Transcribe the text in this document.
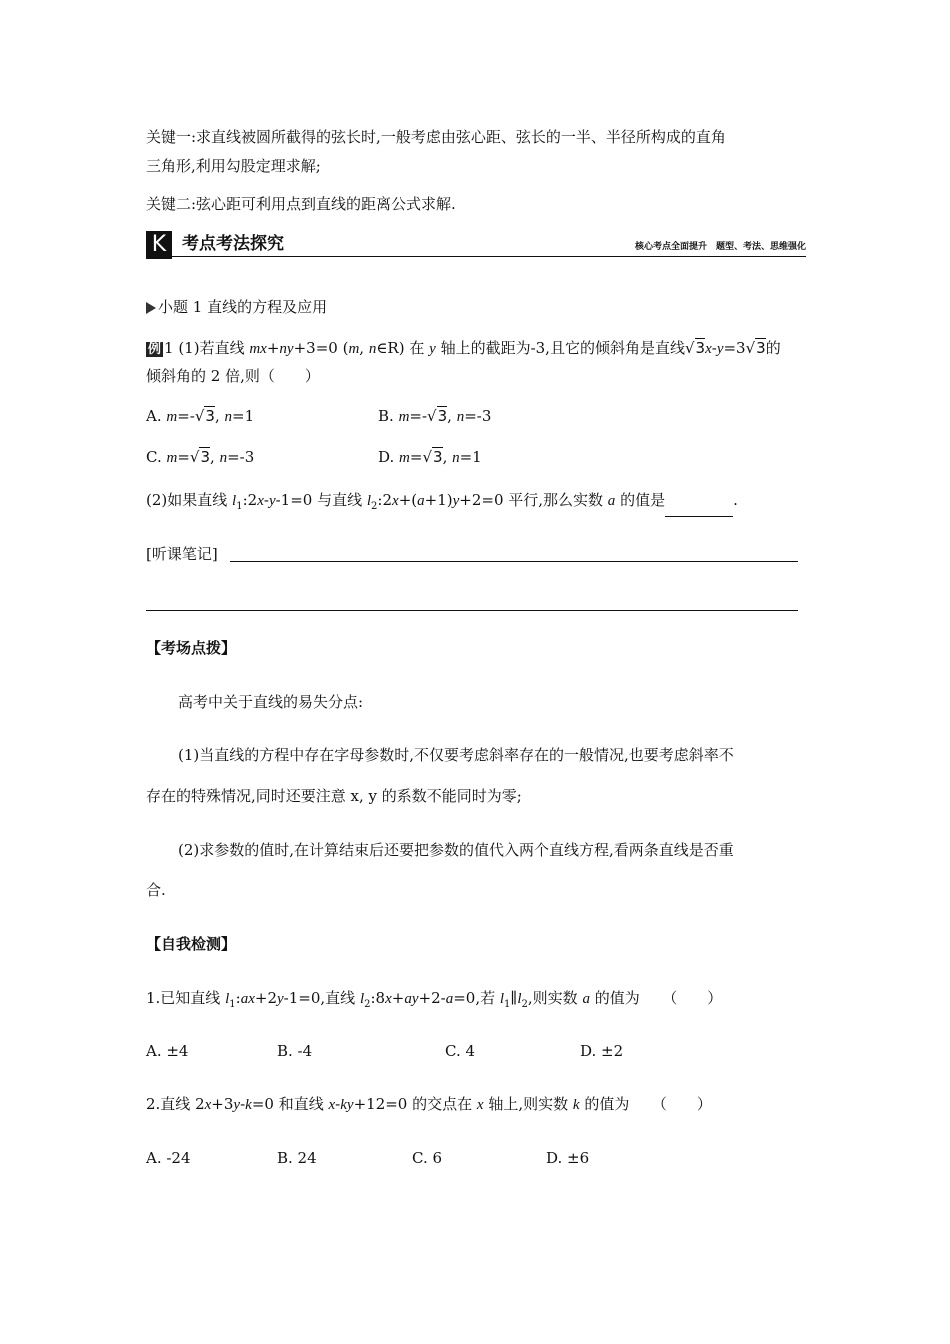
关键一:求直线被圆所截得的弦长时,一般考虑由弦心距、弦长的一半、半径所构成的直角
三角形,利用勾股定理求解;
关键二:弦心距可利用点到直线的距离公式求解.
K 考点考法探究	核心考点全面提升　题型、考法、思维强化
小题 1 直线的方程及应用
例 1 (1)若直线 mx+ny+3=0 (m, n∈R) 在 y 轴上的截距为-3,且它的倾斜角是直线√3x-y=3√3的
倾斜角的 2 倍,则（　　）
A. m=-√3, n=1	B. m=-√3, n=-3
C. m=√3, n=-3	D. m=√3, n=1
(2)如果直线 $l_1:2x-y-1=0$ 与直线 $l_2:2x+(a+1)y+2=0$ 平行,那么实数 a 的值是	.
[听课笔记]
【考场点拨】
高考中关于直线的易失分点:
(1)当直线的方程中存在字母参数时,不仅要考虑斜率存在的一般情况,也要考虑斜率不
存在的特殊情况,同时还要注意 x, y 的系数不能同时为零;
(2)求参数的值时,在计算结束后还要把参数的值代入两个直线方程,看两条直线是否重
合.
【自我检测】
1.已知直线 $l_1:ax+2y-1=0$,直线 $l_2:8x+ay+2-a=0$,若 $l_1\parallel l_2$,则实数 a 的值为　　（　　）
A. ±4	B. -4	C. 4	D. ±2
2.直线 2x+3y-k=0 和直线 x-ky+12=0 的交点在 x 轴上,则实数 k 的值为　　（　　）
A. -24	B. 24	C. 6	D. ±6
